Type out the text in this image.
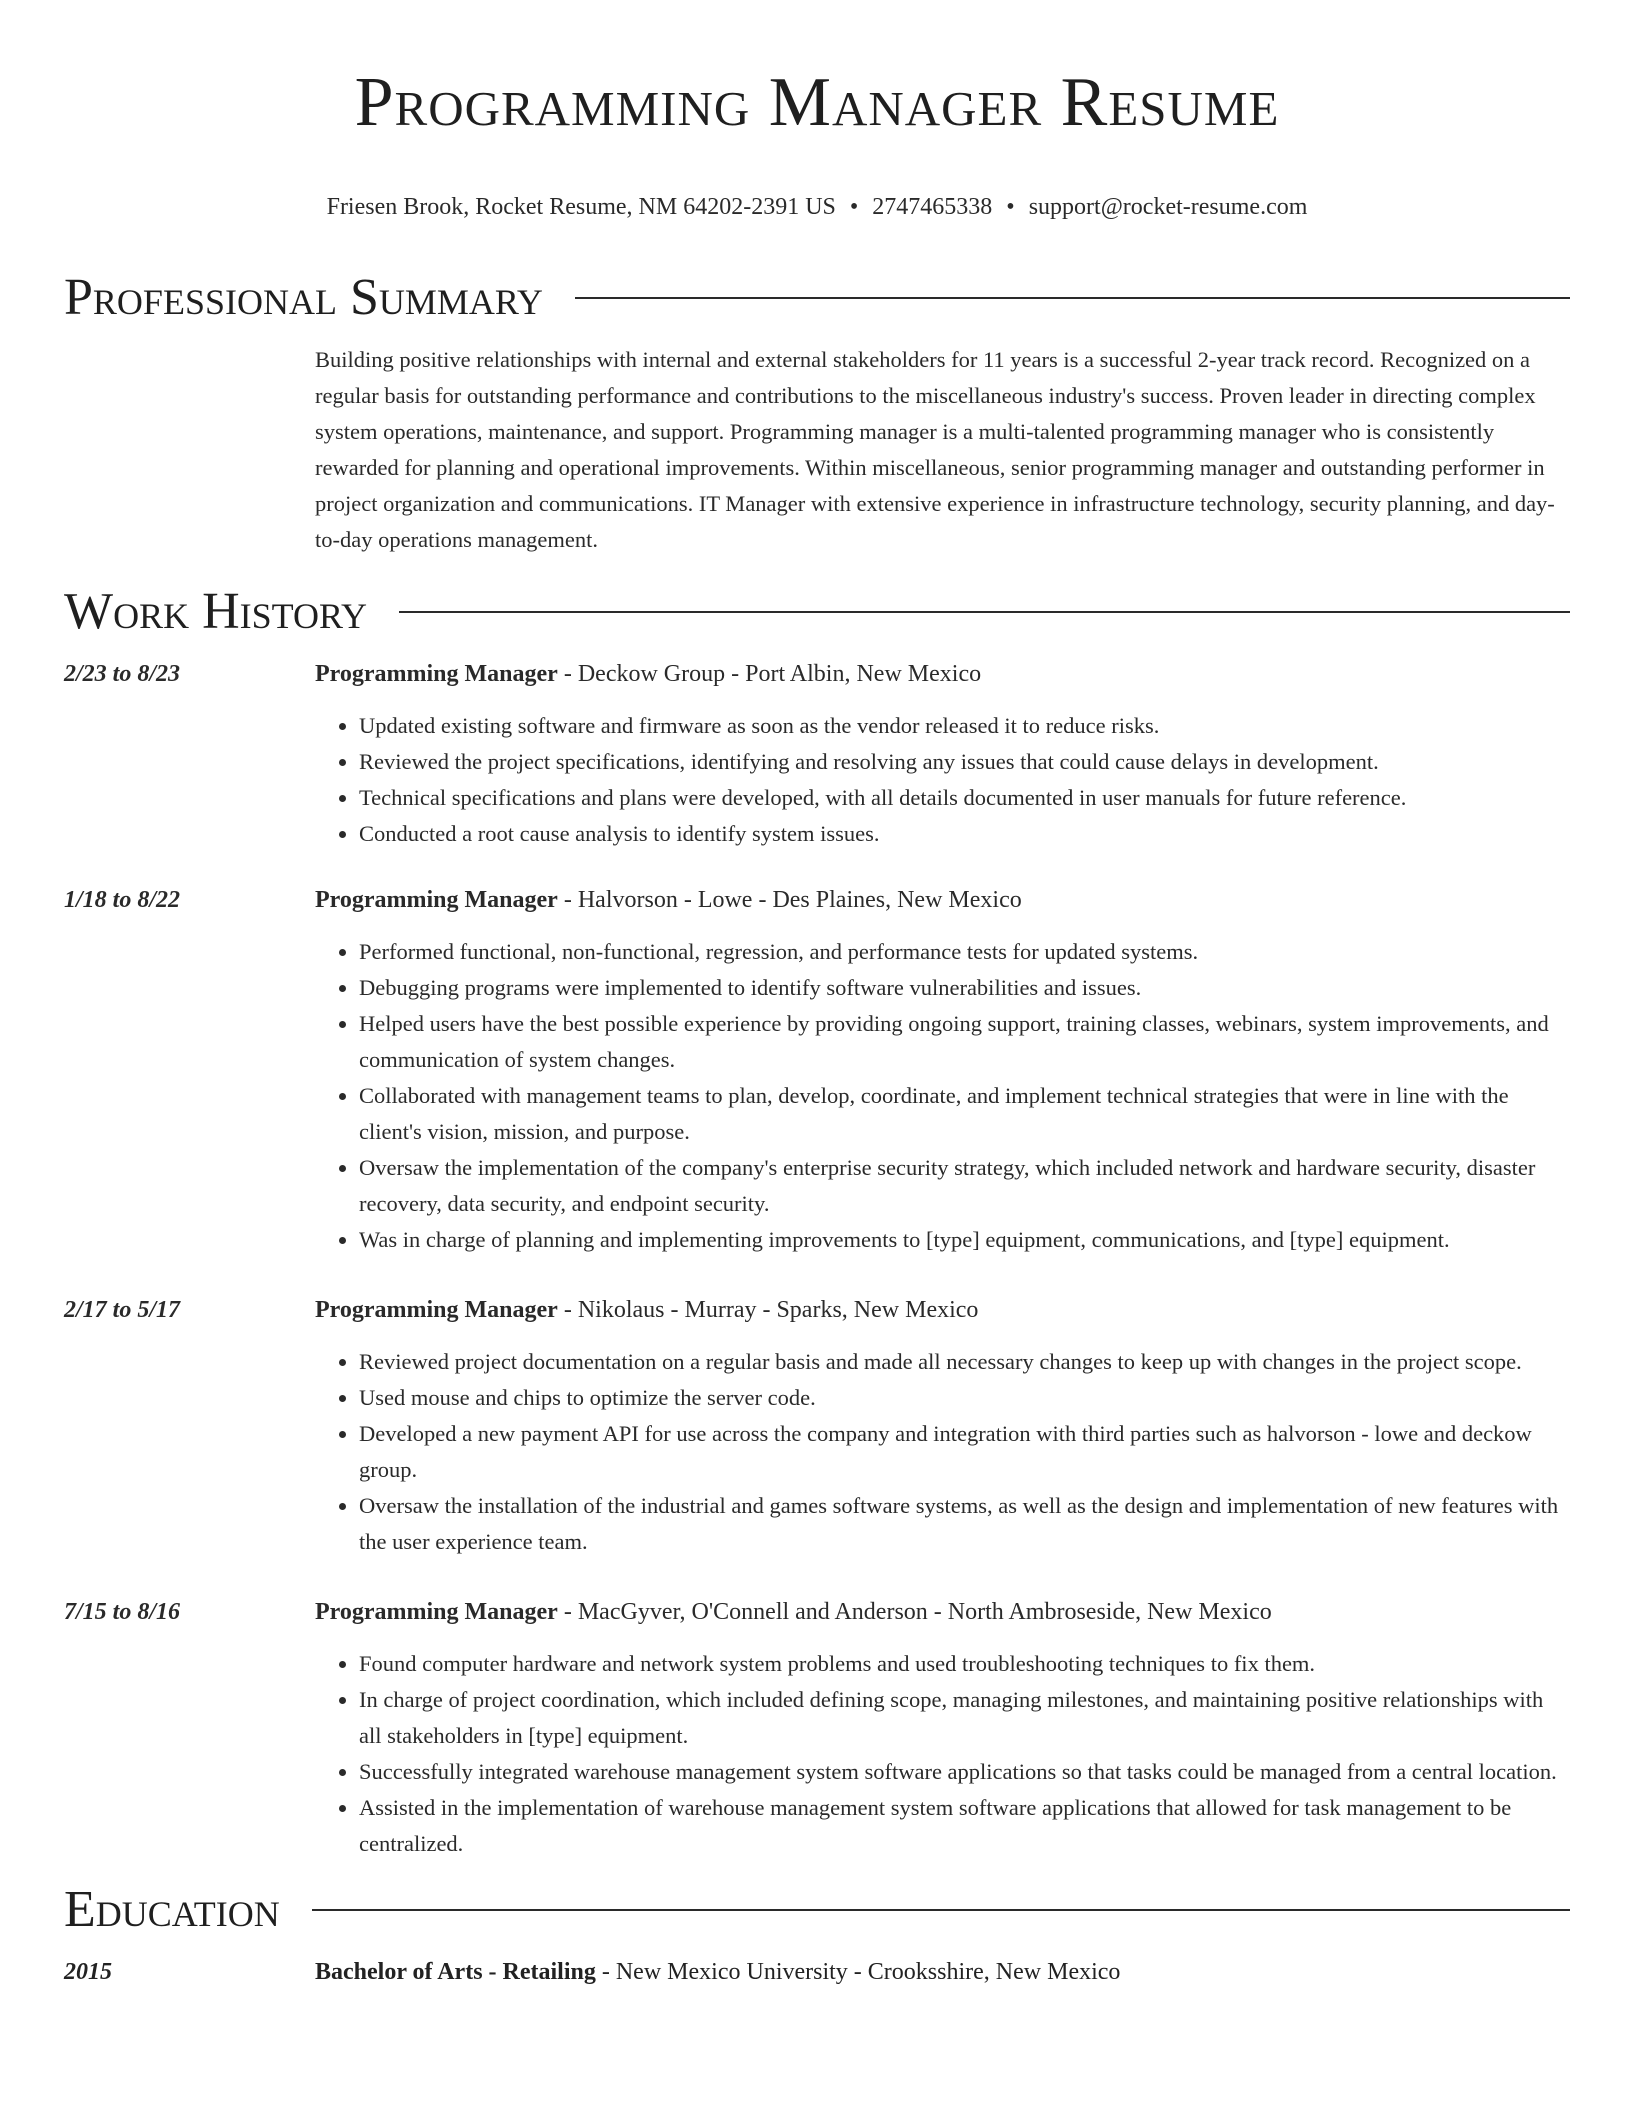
Programming Manager Resume
Friesen Brook, Rocket Resume, NM 64202-2391 US • 2747465338 • support@rocket-resume.com
Professional Summary
Building positive relationships with internal and external stakeholders for 11 years is a successful 2-year track record. Recognized on a regular basis for outstanding performance and contributions to the miscellaneous industry's success. Proven leader in directing complex system operations, maintenance, and support. Programming manager is a multi-talented programming manager who is consistently rewarded for planning and operational improvements. Within miscellaneous, senior programming manager and outstanding performer in project organization and communications. IT Manager with extensive experience in infrastructure technology, security planning, and day-to-day operations management.
Work History
2/23 to 8/23	Programming Manager - Deckow Group - Port Albin, New Mexico
• Updated existing software and firmware as soon as the vendor released it to reduce risks.
• Reviewed the project specifications, identifying and resolving any issues that could cause delays in development.
• Technical specifications and plans were developed, with all details documented in user manuals for future reference.
• Conducted a root cause analysis to identify system issues.
1/18 to 8/22	Programming Manager - Halvorson - Lowe - Des Plaines, New Mexico
• Performed functional, non-functional, regression, and performance tests for updated systems.
• Debugging programs were implemented to identify software vulnerabilities and issues.
• Helped users have the best possible experience by providing ongoing support, training classes, webinars, system improvements, and communication of system changes.
• Collaborated with management teams to plan, develop, coordinate, and implement technical strategies that were in line with the client's vision, mission, and purpose.
• Oversaw the implementation of the company's enterprise security strategy, which included network and hardware security, disaster recovery, data security, and endpoint security.
• Was in charge of planning and implementing improvements to [type] equipment, communications, and [type] equipment.
2/17 to 5/17	Programming Manager - Nikolaus - Murray - Sparks, New Mexico
• Reviewed project documentation on a regular basis and made all necessary changes to keep up with changes in the project scope.
• Used mouse and chips to optimize the server code.
• Developed a new payment API for use across the company and integration with third parties such as halvorson - lowe and deckow group.
• Oversaw the installation of the industrial and games software systems, as well as the design and implementation of new features with the user experience team.
7/15 to 8/16	Programming Manager - MacGyver, O'Connell and Anderson - North Ambroseside, New Mexico
• Found computer hardware and network system problems and used troubleshooting techniques to fix them.
• In charge of project coordination, which included defining scope, managing milestones, and maintaining positive relationships with all stakeholders in [type] equipment.
• Successfully integrated warehouse management system software applications so that tasks could be managed from a central location.
• Assisted in the implementation of warehouse management system software applications that allowed for task management to be centralized.
Education
2015	Bachelor of Arts - Retailing - New Mexico University - Crooksshire, New Mexico
